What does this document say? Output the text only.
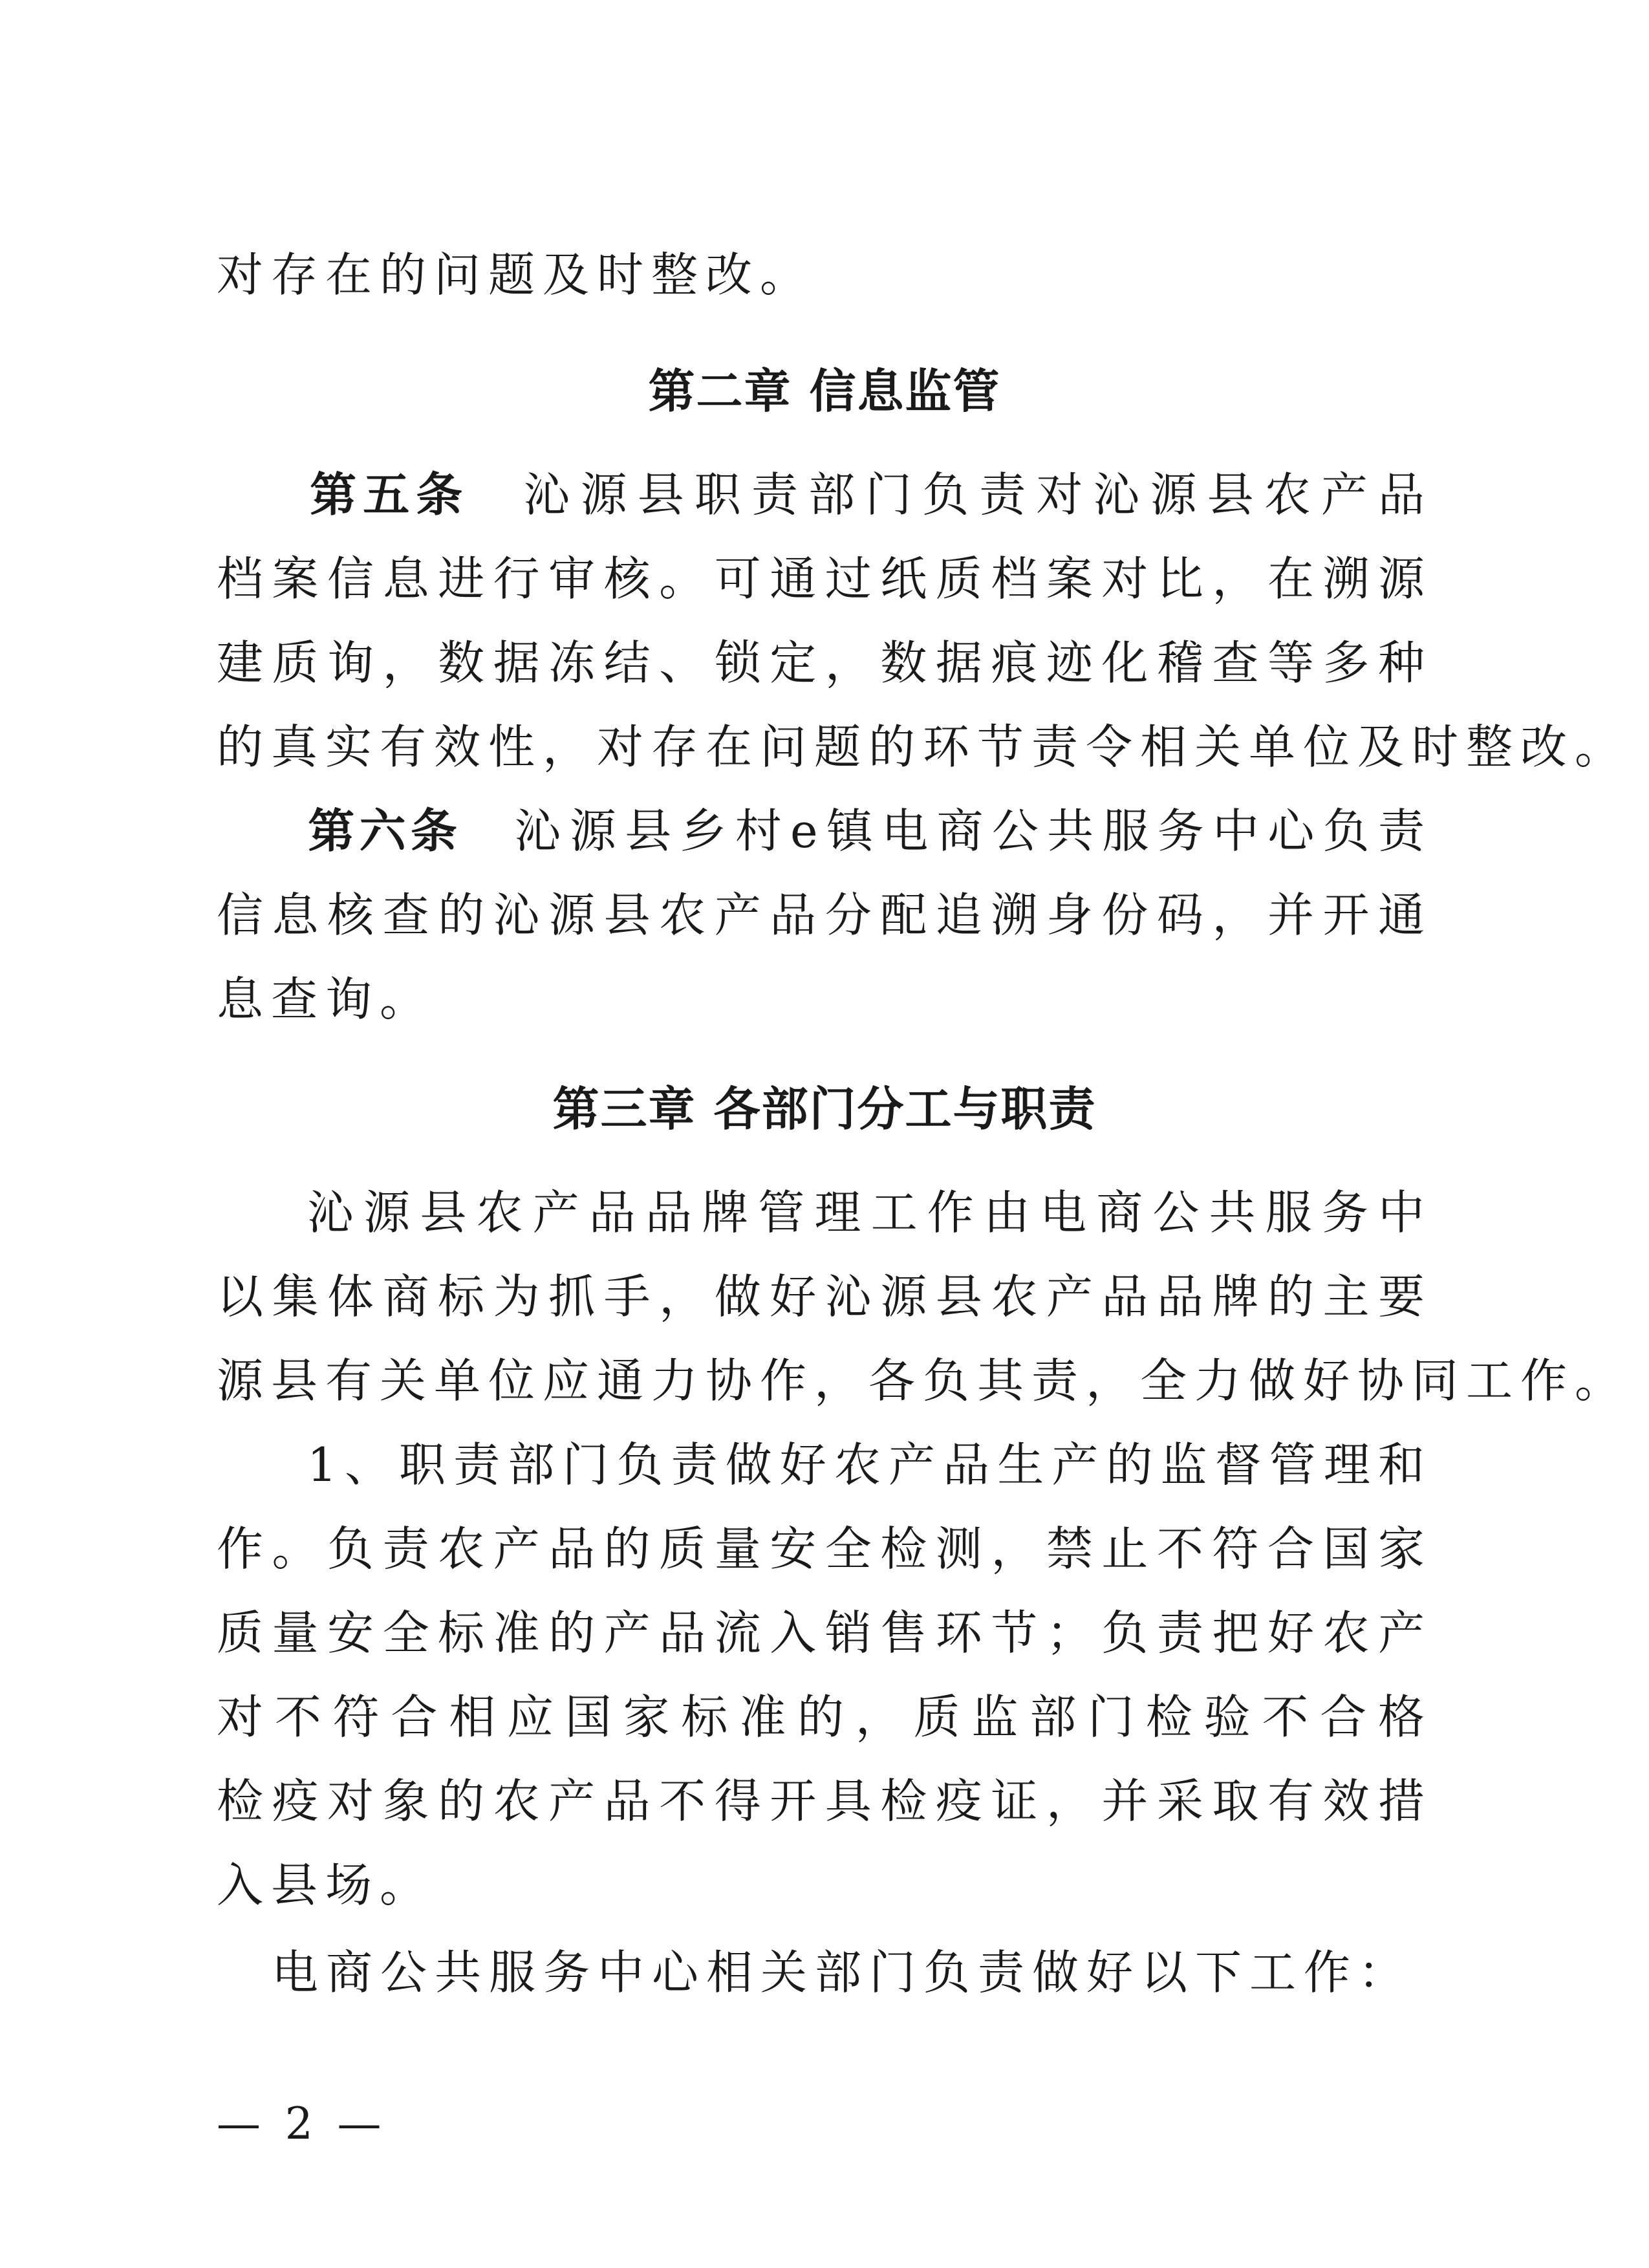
对存在的问题及时整改。
第二章 信息监管
第五条 沁源县职责部门负责对沁源县农产品
档案信息进行审核。可通过纸质档案对比，在溯源
建质询，数据冻结、锁定，数据痕迹化稽查等多种
的真实有效性，对存在问题的环节责令相关单位及时整改。
第六条 沁源县乡村e镇电商公共服务中心负责
信息核查的沁源县农产品分配追溯身份码，并开通
息查询。
第三章 各部门分工与职责
沁源县农产品品牌管理工作由电商公共服务中
以集体商标为抓手，做好沁源县农产品品牌的主要
源县有关单位应通力协作，各负其责，全力做好协同工作。
1、职责部门负责做好农产品生产的监督管理和
作。负责农产品的质量安全检测，禁止不符合国家
质量安全标准的产品流入销售环节；负责把好农产
对不符合相应国家标准的，质监部门检验不合格
检疫对象的农产品不得开具检疫证，并采取有效措
入县场。
电商公共服务中心相关部门负责做好以下工作：
— 2 —
